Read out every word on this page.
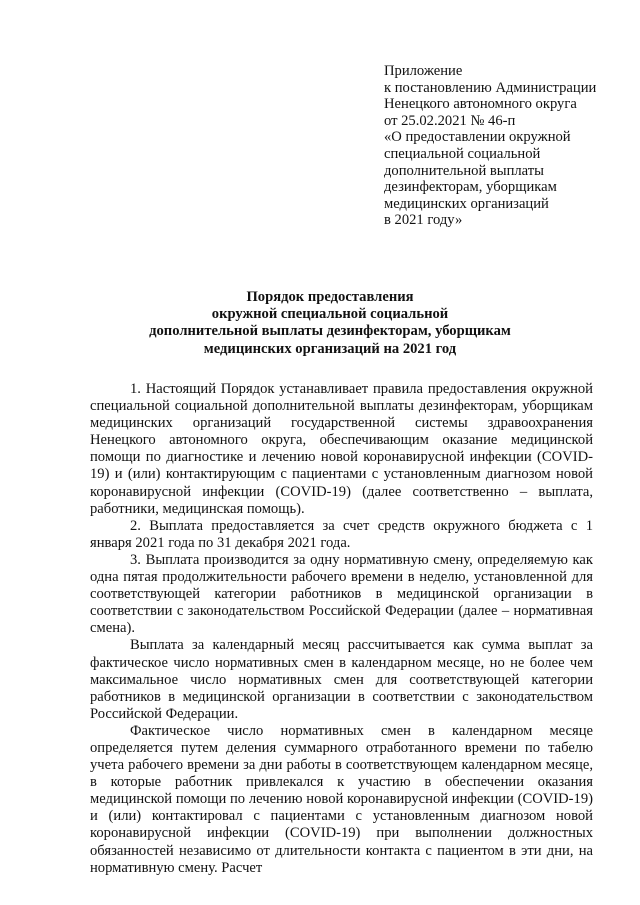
Приложение
к постановлению Администрации
Ненецкого автономного округа
от 25.02.2021 № 46-п
«О предоставлении окружной
специальной социальной
дополнительной выплаты
дезинфекторам, уборщикам
медицинских организаций
в 2021 году»
Порядок предоставления
окружной специальной социальной
дополнительной выплаты дезинфекторам, уборщикам
медицинских организаций на 2021 год

1. Настоящий Порядок устанавливает правила предоставления окружной специальной социальной дополнительной выплаты дезинфекторам, уборщикам медицинских организаций государственной системы здравоохранения Ненецкого автономного округа, обеспечивающим оказание медицинской помощи по диагностике и лечению новой коронавирусной инфекции (COVID-19) и (или) контактирующим с пациентами с установленным диагнозом новой коронавирусной инфекции (COVID-19) (далее соответственно – выплата, работники, медицинская помощь).

2. Выплата предоставляется за счет средств окружного бюджета с 1 января 2021 года по 31 декабря 2021 года.

3. Выплата производится за одну нормативную смену, определяемую как одна пятая продолжительности рабочего времени в неделю, установленной для соответствующей категории работников в медицинской организации в соответствии с законодательством Российской Федерации (далее – нормативная смена).

Выплата за календарный месяц рассчитывается как сумма выплат за фактическое число нормативных смен в календарном месяце, но не более чем максимальное число нормативных смен для соответствующей категории работников в медицинской организации в соответствии с законодательством Российской Федерации.

Фактическое число нормативных смен в календарном месяце определяется путем деления суммарного отработанного времени по табелю учета рабочего времени за дни работы в соответствующем календарном месяце, в которые работник привлекался к участию в обеспечении оказания медицинской помощи по лечению новой коронавирусной инфекции (COVID-19) и (или) контактировал с пациентами с установленным диагнозом новой коронавирусной инфекции (COVID-19) при выполнении должностных обязанностей независимо от длительности контакта с пациентом в эти дни, на нормативную смену. Расчет
